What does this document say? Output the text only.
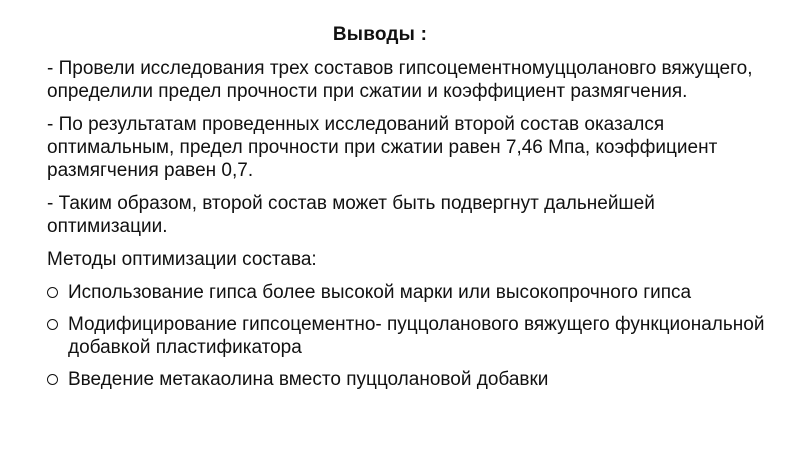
Выводы :

- Провели исследования трех составов гипсоцементномуццолановго вяжущего, определили предел прочности при сжатии и коэффициент размягчения.

- По результатам проведенных исследований второй состав оказался оптимальным, предел прочности при сжатии равен 7,46 Мпа, коэффициент размягчения равен 0,7.

- Таким образом, второй состав может быть подвергнут дальнейшей оптимизации.

Методы оптимизации состава:
Использование гипса более высокой марки или высокопрочного гипса
Модифицирование гипсоцементно- пуццоланового вяжущего функциональной добавкой пластификатора
Введение метакаолина вместо пуццолановой добавки
